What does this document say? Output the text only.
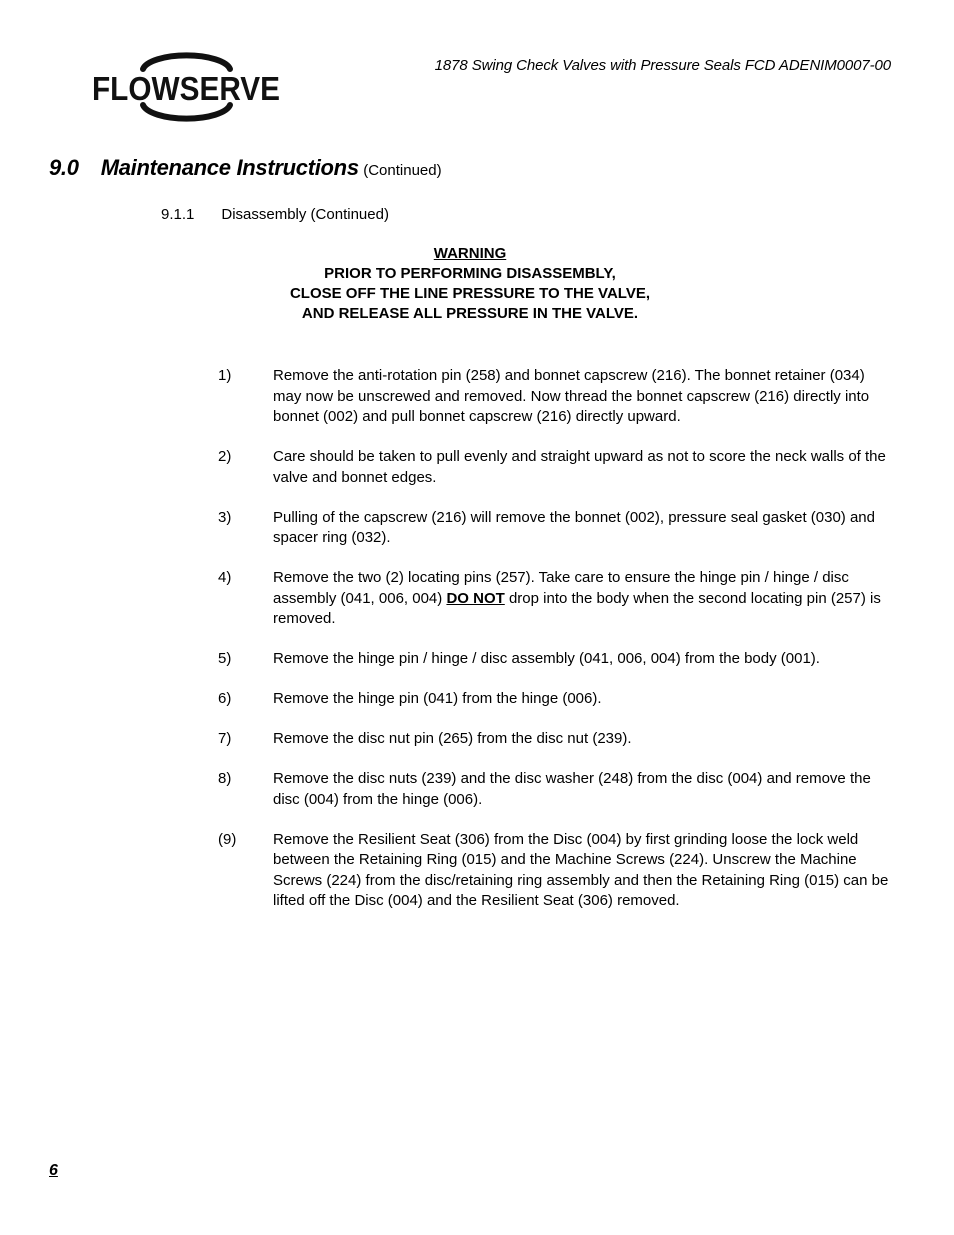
FLOWSERVE
1878 Swing Check Valves with Pressure Seals FCD ADENIM0007-00
9.0 Maintenance Instructions (Continued)
9.1.1 Disassembly (Continued)
WARNING
PRIOR TO PERFORMING DISASSEMBLY,
CLOSE OFF THE LINE PRESSURE TO THE VALVE,
AND RELEASE ALL PRESSURE IN THE VALVE.
1)	Remove the anti-rotation pin (258) and bonnet capscrew (216). The bonnet retainer (034) may now be unscrewed and removed. Now thread the bonnet capscrew (216) directly into bonnet (002) and pull bonnet capscrew (216) directly upward.
2)	Care should be taken to pull evenly and straight upward as not to score the neck walls of the valve and bonnet edges.
3)	Pulling of the capscrew (216) will remove the bonnet (002), pressure seal gasket (030) and spacer ring (032).
4)	Remove the two (2) locating pins (257). Take care to ensure the hinge pin / hinge / disc assembly (041, 006, 004) DO NOT drop into the body when the second locating pin (257) is removed.
5)	Remove the hinge pin / hinge / disc assembly (041, 006, 004) from the body (001).
6)	Remove the hinge pin (041) from the hinge (006).
7)	Remove the disc nut pin (265) from the disc nut (239).
8)	Remove the disc nuts (239) and the disc washer (248) from the disc (004) and remove the disc (004) from the hinge (006).
(9)	Remove the Resilient Seat (306) from the Disc (004) by first grinding loose the lock weld between the Retaining Ring (015) and the Machine Screws (224). Unscrew the Machine Screws (224) from the disc/retaining ring assembly and then the Retaining Ring (015) can be lifted off the Disc (004) and the Resilient Seat (306) removed.
6
